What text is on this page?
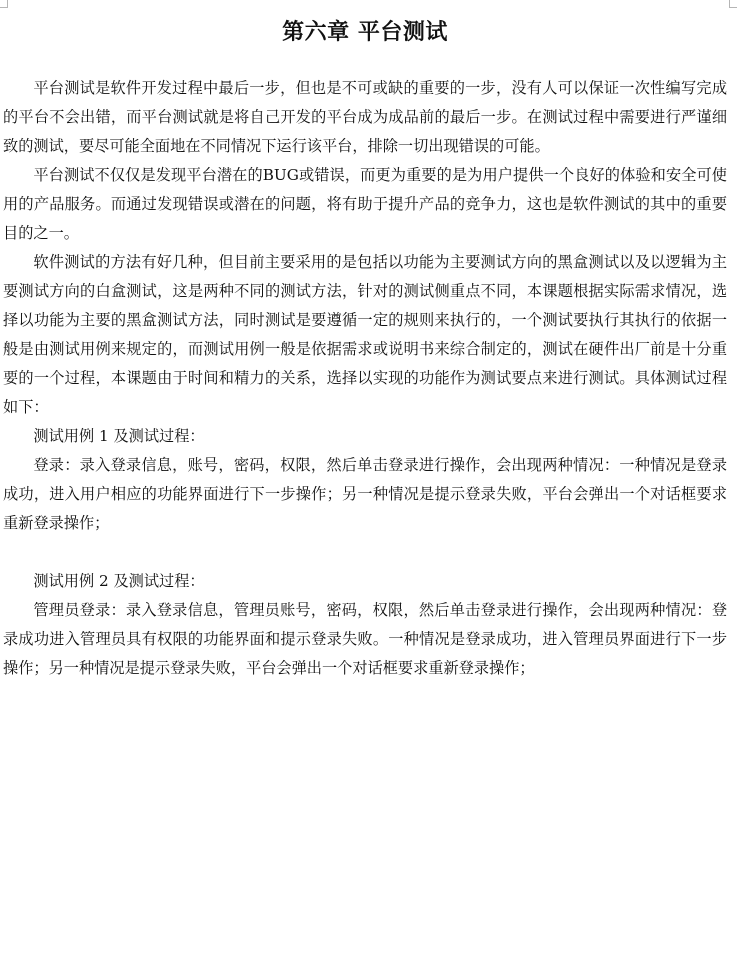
第六章 平台测试

平台测试是软件开发过程中最后一步，但也是不可或缺的重要的一步，没有人可以保证一次性编写完成的平台不会出错，而平台测试就是将自己开发的平台成为成品前的最后一步。在测试过程中需要进行严谨细致的测试，要尽可能全面地在不同情况下运行该平台，排除一切出现错误的可能。

平台测试不仅仅是发现平台潜在的BUG或错误，而更为重要的是为用户提供一个良好的体验和安全可使用的产品服务。而通过发现错误或潜在的问题，将有助于提升产品的竞争力，这也是软件测试的其中的重要目的之一。

软件测试的方法有好几种，但目前主要采用的是包括以功能为主要测试方向的黑盒测试以及以逻辑为主要测试方向的白盒测试，这是两种不同的测试方法，针对的测试侧重点不同，本课题根据实际需求情况，选择以功能为主要的黑盒测试方法，同时测试是要遵循一定的规则来执行的，一个测试要执行其执行的依据一般是由测试用例来规定的，而测试用例一般是依据需求或说明书来综合制定的，测试在硬件出厂前是十分重要的一个过程，本课题由于时间和精力的关系，选择以实现的功能作为测试要点来进行测试。具体测试过程如下：

测试用例 1 及测试过程：

登录：录入登录信息，账号，密码，权限，然后单击登录进行操作，会出现两种情况：一种情况是登录成功，进入用户相应的功能界面进行下一步操作；另一种情况是提示登录失败，平台会弹出一个对话框要求重新登录操作；

测试用例 2 及测试过程：

管理员登录：录入登录信息，管理员账号，密码，权限，然后单击登录进行操作，会出现两种情况：登录成功进入管理员具有权限的功能界面和提示登录失败。一种情况是登录成功，进入管理员界面进行下一步操作；另一种情况是提示登录失败，平台会弹出一个对话框要求重新登录操作；
